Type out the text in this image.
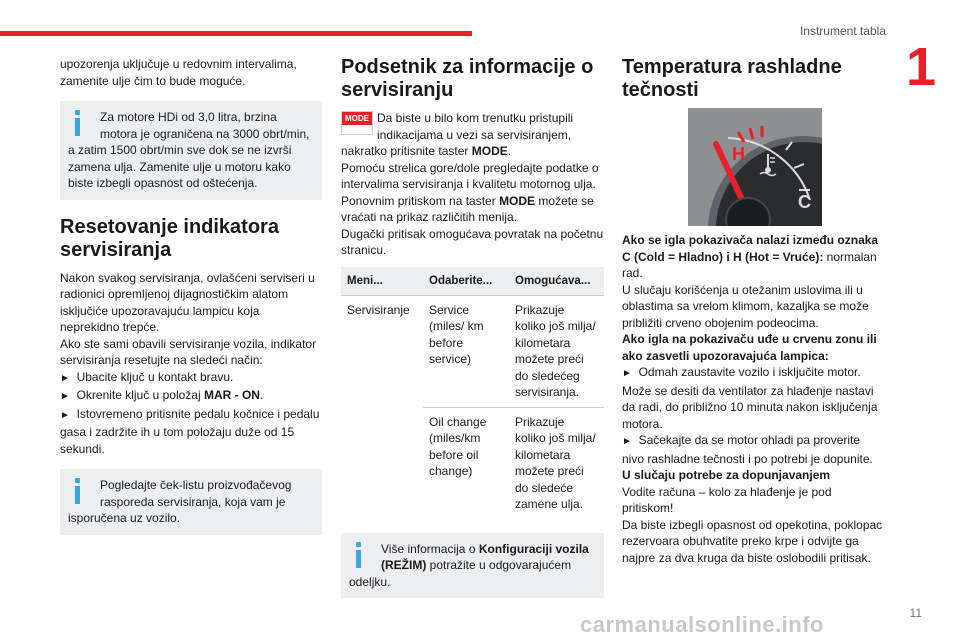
Instrument tabla
1

upozorenja uključuje u redovnim intervalima, zamenite ulje čim to bude moguće.

Za motore HDi od 3,0 litra, brzina motora je ograničena na 3000 obrt/min, a zatim 1500 obrt/min sve dok se ne izvrši zamena ulja. Zamenite ulje u motoru kako biste izbegli opasnost od oštećenja.
Resetovanje indikatora servisiranja

Nakon svakog servisiranja, ovlašćeni serviseri u radionici opremljenoj dijagnostičkim alatom isključiće upozoravajuću lampicu koja neprekidno trepće.

Ako ste sami obavili servisiranje vozila, indikator servisiranja resetujte na sledeći način:

► Ubacite ključ u kontakt bravu.

► Okrenite ključ u položaj MAR - ON.

► Istovremeno pritisnite pedalu kočnice i pedalu gasa i zadržite ih u tom položaju duže od 15 sekundi.

Pogledajte ček-listu proizvođačevog rasporeda servisiranja, koja vam je isporučena uz vozilo.
Podsetnik za informacije o servisiranju

MODE Da biste u bilo kom trenutku pristupili indikacijama u vezi sa servisiranjem, nakratko pritisnite taster MODE.

Pomoću strelica gore/dole pregledajte podatke o intervalima servisiranja i kvalitetu motornog ulja.

Ponovnim pritiskom na taster MODE možete se vraćati na prikaz različitih menija.

Dugački pritisak omogućava povratak na početnu stranicu.

Meni...	Odaberite...	Omogućava...
Servisiranje	Service (miles/ km before service)	Prikazuje koliko još milja/ kilometara možete preći do sledećeg servisiranja.
	Oil change (miles/km before oil change)	Prikazuje koliko još milja/ kilometara možete preći do sledeće zamene ulja.
Više informacija o Konfiguraciji vozila (REŽIM) potražite u odgovarajućem odeljku.
Temperatura rashladne tečnosti
H
C

Ako se igla pokazivača nalazi između oznaka C (Cold = Hladno) i H (Hot = Vruće): normalan rad.

U slučaju korišćenja u otežanim uslovima ili u oblastima sa vrelom klimom, kazaljka se može približiti crveno obojenim podeocima.

Ako igla na pokazivaču uđe u crvenu zonu ili ako zasvetli upozoravajuća lampica:

► Odmah zaustavite vozilo i isključite motor.

Može se desiti da ventilator za hlađenje nastavi da radi, do približno 10 minuta nakon isključenja motora.

► Sačekajte da se motor ohladi pa proverite nivo rashladne tečnosti i po potrebi je dopunite.

U slučaju potrebe za dopunjavanjem

Vodite računa – kolo za hlađenje je pod pritiskom!

Da biste izbegli opasnost od opekotina, poklopac rezervoara obuhvatite preko krpe i odvijte ga najpre za dva kruga da biste oslobodili pritisak.

carmanualsonline.info	11
